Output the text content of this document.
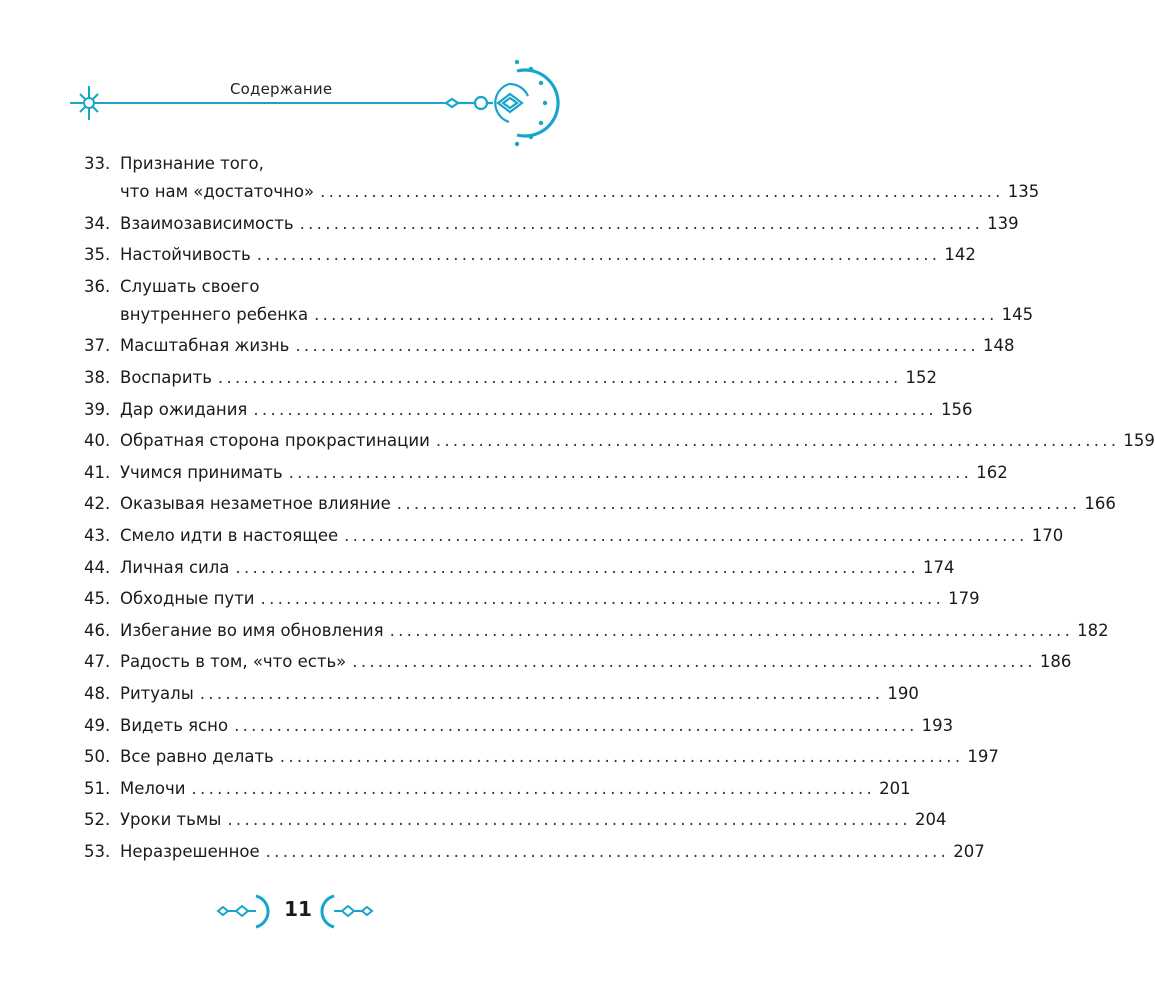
Содержание
33. Признание того,
что нам «достаточно» ................................................................................ 135
34. Взаимозависимость ................................................................................ 139
35. Настойчивость ................................................................................ 142
36. Слушать своего
внутреннего ребенка ................................................................................ 145
37. Масштабная жизнь ................................................................................ 148
38. Воспарить ................................................................................ 152
39. Дар ожидания ................................................................................ 156
40. Обратная сторона прокрастинации ................................................................................ 159
41. Учимся принимать ................................................................................ 162
42. Оказывая незаметное влияние ................................................................................ 166
43. Смело идти в настоящее ................................................................................ 170
44. Личная сила ................................................................................ 174
45. Обходные пути ................................................................................ 179
46. Избегание во имя обновления ................................................................................ 182
47. Радость в том, «что есть» ................................................................................ 186
48. Ритуалы ................................................................................ 190
49. Видеть ясно ................................................................................ 193
50. Все равно делать ................................................................................ 197
51. Мелочи ................................................................................ 201
52. Уроки тьмы ................................................................................ 204
53. Неразрешенное ................................................................................ 207
11
